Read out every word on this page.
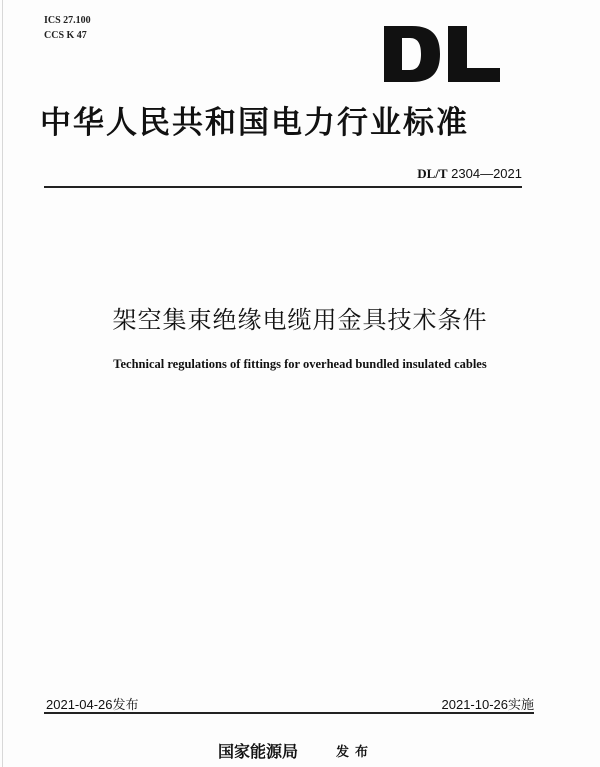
ICS 27.100
CCS K 47
中华人民共和国电力行业标准
DL/T 2304—2021
架空集束绝缘电缆用金具技术条件
Technical regulations of fittings for overhead bundled insulated cables
2021-04-26发布	2021-10-26实施
国家能源局	发布
